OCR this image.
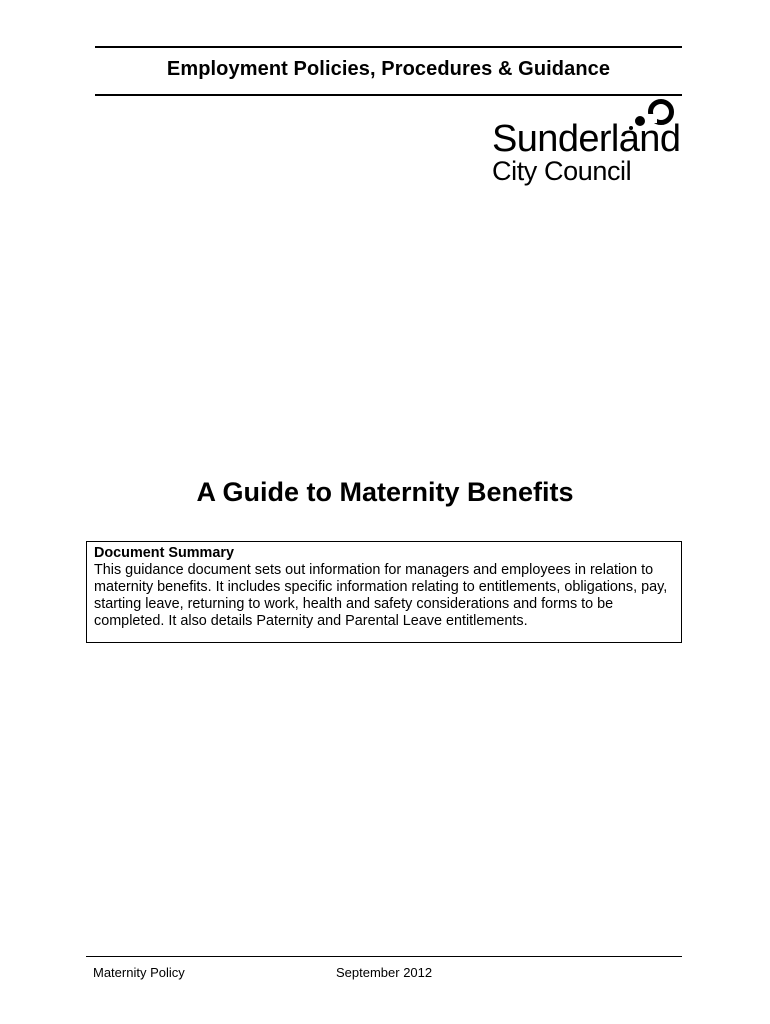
Employment Policies, Procedures & Guidance
Sunderland
City Council
A Guide to Maternity Benefits
Document Summary
This guidance document sets out information for managers and employees in relation to maternity benefits. It includes specific information relating to entitlements, obligations, pay, starting leave, returning to work, health and safety considerations and forms to be completed. It also details Paternity and Parental Leave entitlements.
Maternity Policy	September 2012
